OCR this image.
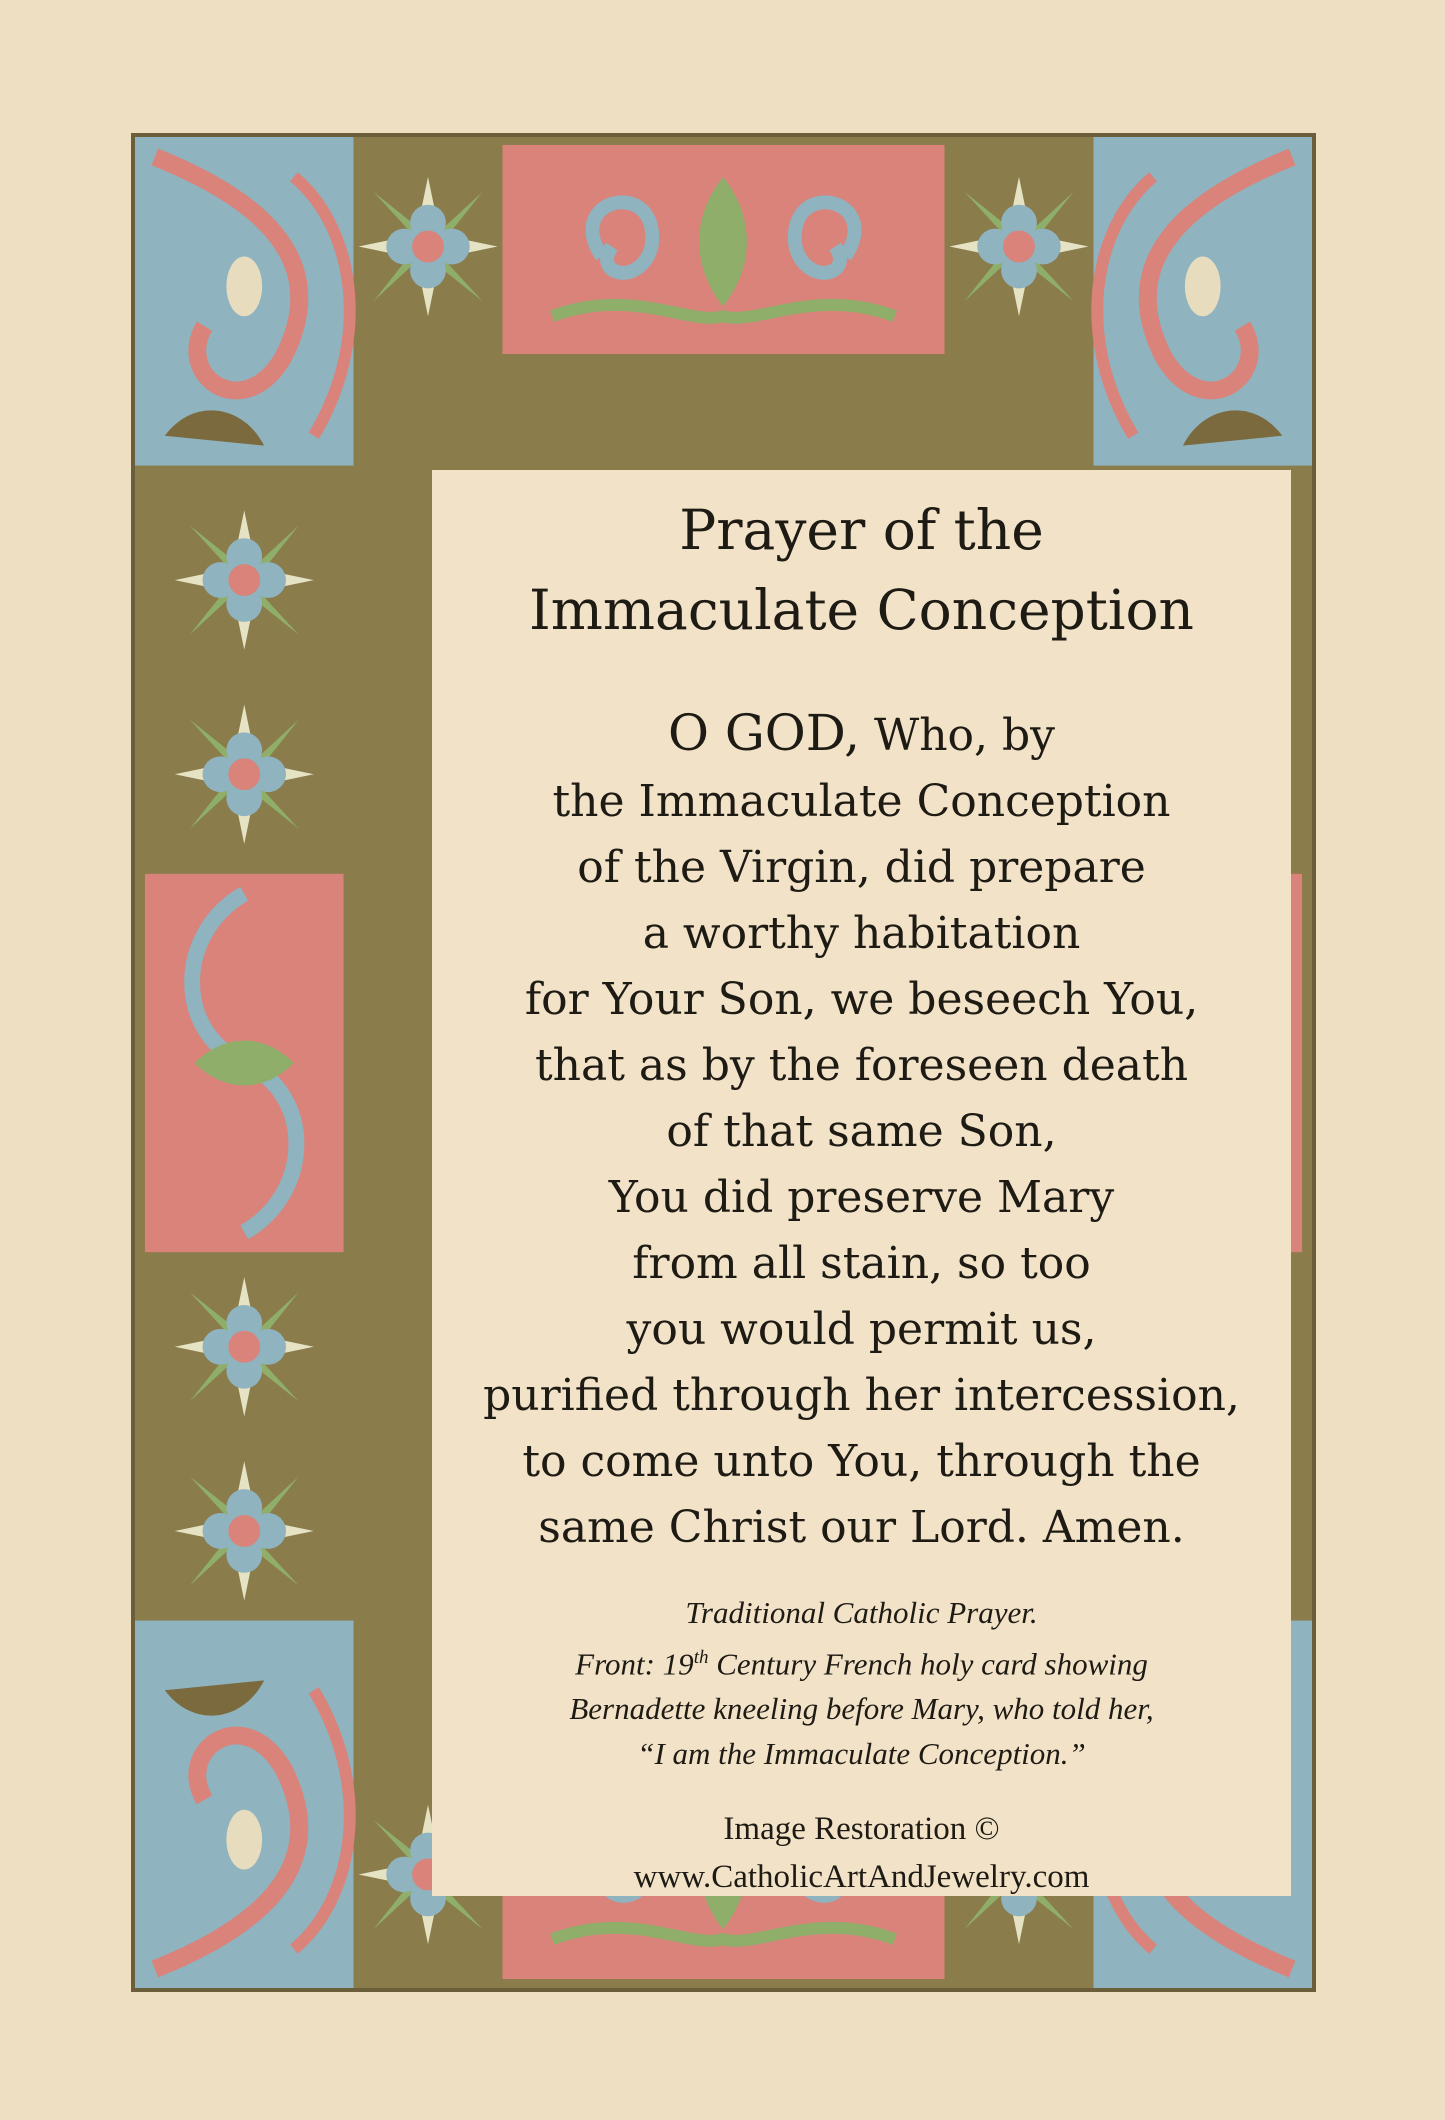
Prayer of the
Immaculate Conception
O GOD, Who, by
the Immaculate Conception
of the Virgin, did prepare
a worthy habitation
for Your Son, we beseech You,
that as by the foreseen death
of that same Son,
You did preserve Mary
from all stain, so too
you would permit us,
purified through her intercession,
to come unto You, through the
same Christ our Lord. Amen.
Traditional Catholic Prayer.
Front: 19th Century French holy card showing
Bernadette kneeling before Mary, who told her,
“I am the Immaculate Conception.”
Image Restoration ©
www.CatholicArtAndJewelry.com
